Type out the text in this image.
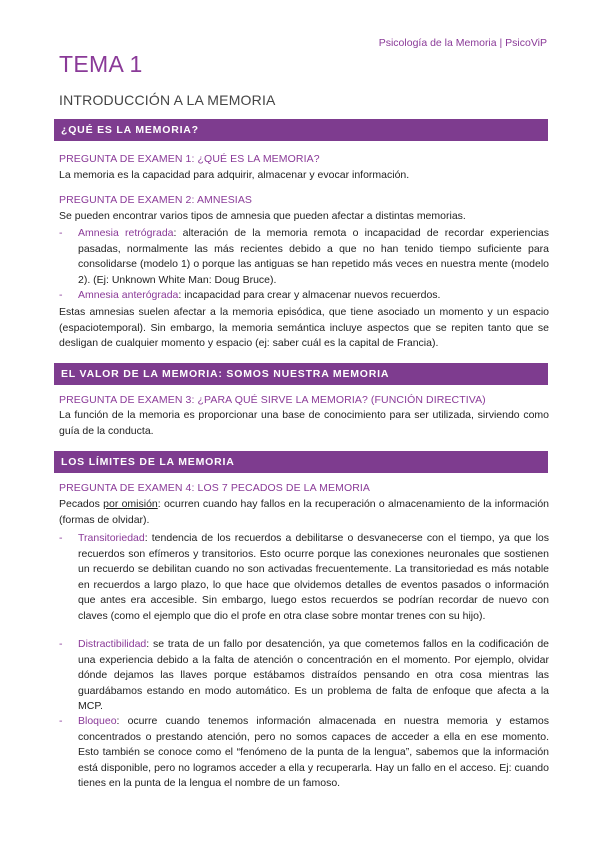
Psicología de la Memoria | PsicoViP
TEMA 1
INTRODUCCIÓN A LA MEMORIA
¿QUÉ ES LA MEMORIA?
PREGUNTA DE EXAMEN 1: ¿QUÉ ES LA MEMORIA?
La memoria es la capacidad para adquirir, almacenar y evocar información.
PREGUNTA DE EXAMEN 2: AMNESIAS
Se pueden encontrar varios tipos de amnesia que pueden afectar a distintas memorias.
- Amnesia retrógrada: alteración de la memoria remota o incapacidad de recordar experiencias pasadas, normalmente las más recientes debido a que no han tenido tiempo suficiente para consolidarse (modelo 1) o porque las antiguas se han repetido más veces en nuestra mente (modelo 2). (Ej: Unknown White Man: Doug Bruce).
- Amnesia anterógrada: incapacidad para crear y almacenar nuevos recuerdos.
Estas amnesias suelen afectar a la memoria episódica, que tiene asociado un momento y un espacio (espaciotemporal). Sin embargo, la memoria semántica incluye aspectos que se repiten tanto que se desligan de cualquier momento y espacio (ej: saber cuál es la capital de Francia).
EL VALOR DE LA MEMORIA: SOMOS NUESTRA MEMORIA
PREGUNTA DE EXAMEN 3: ¿PARA QUÉ SIRVE LA MEMORIA? (FUNCIÓN DIRECTIVA)
La función de la memoria es proporcionar una base de conocimiento para ser utilizada, sirviendo como guía de la conducta.
LOS LÍMITES DE LA MEMORIA
PREGUNTA DE EXAMEN 4: LOS 7 PECADOS DE LA MEMORIA
Pecados por omisión: ocurren cuando hay fallos en la recuperación o almacenamiento de la información (formas de olvidar).
- Transitoriedad: tendencia de los recuerdos a debilitarse o desvanecerse con el tiempo, ya que los recuerdos son efímeros y transitorios. Esto ocurre porque las conexiones neuronales que sostienen un recuerdo se debilitan cuando no son activadas frecuentemente. La transitoriedad es más notable en recuerdos a largo plazo, lo que hace que olvidemos detalles de eventos pasados o información que antes era accesible. Sin embargo, luego estos recuerdos se podrían recordar de nuevo con claves (como el ejemplo que dio el profe en otra clase sobre montar trenes con su hijo).
- Distractibilidad: se trata de un fallo por desatención, ya que cometemos fallos en la codificación de una experiencia debido a la falta de atención o concentración en el momento. Por ejemplo, olvidar dónde dejamos las llaves porque estábamos distraídos pensando en otra cosa mientras las guardábamos estando en modo automático. Es un problema de falta de enfoque que afecta a la MCP.
- Bloqueo: ocurre cuando tenemos información almacenada en nuestra memoria y estamos concentrados o prestando atención, pero no somos capaces de acceder a ella en ese momento. Esto también se conoce como el “fenómeno de la punta de la lengua”, sabemos que la información está disponible, pero no logramos acceder a ella y recuperarla. Hay un fallo en el acceso. Ej: cuando tienes en la punta de la lengua el nombre de un famoso.
